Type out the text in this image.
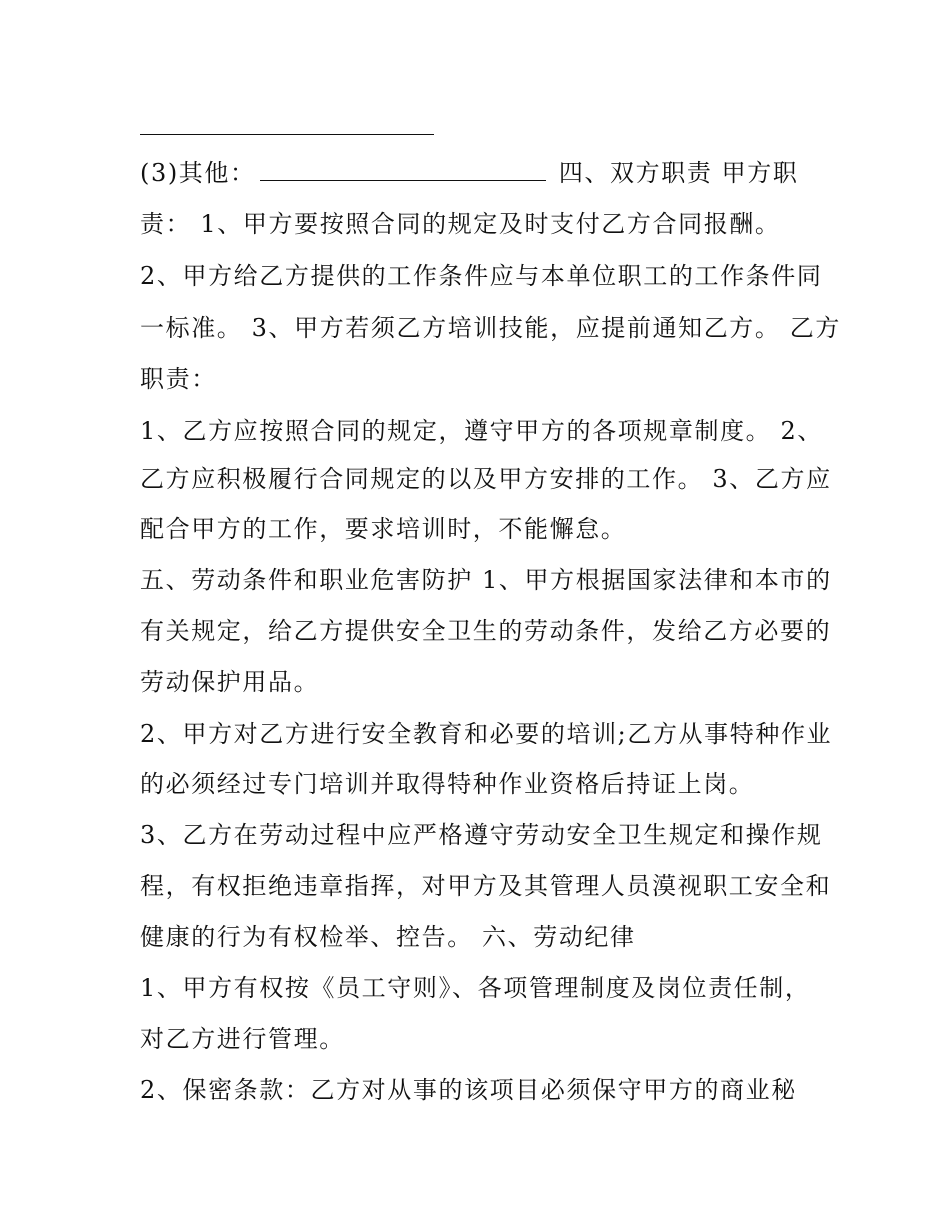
(3)其他：	四、双方职责 甲方职
责： 1、甲方要按照合同的规定及时支付乙方合同报酬。
2、甲方给乙方提供的工作条件应与本单位职工的工作条件同
一标准。 3、甲方若须乙方培训技能，应提前通知乙方。 乙方
职责：
1、乙方应按照合同的规定，遵守甲方的各项规章制度。 2、
乙方应积极履行合同规定的以及甲方安排的工作。 3、乙方应
配合甲方的工作，要求培训时，不能懈怠。
五、劳动条件和职业危害防护 1、甲方根据国家法律和本市的
有关规定，给乙方提供安全卫生的劳动条件，发给乙方必要的
劳动保护用品。
2、甲方对乙方进行安全教育和必要的培训;乙方从事特种作业
的必须经过专门培训并取得特种作业资格后持证上岗。
3、乙方在劳动过程中应严格遵守劳动安全卫生规定和操作规
程，有权拒绝违章指挥，对甲方及其管理人员漠视职工安全和
健康的行为有权检举、控告。 六、劳动纪律
1、甲方有权按《员工守则》、各项管理制度及岗位责任制，
对乙方进行管理。
2、保密条款：乙方对从事的该项目必须保守甲方的商业秘
